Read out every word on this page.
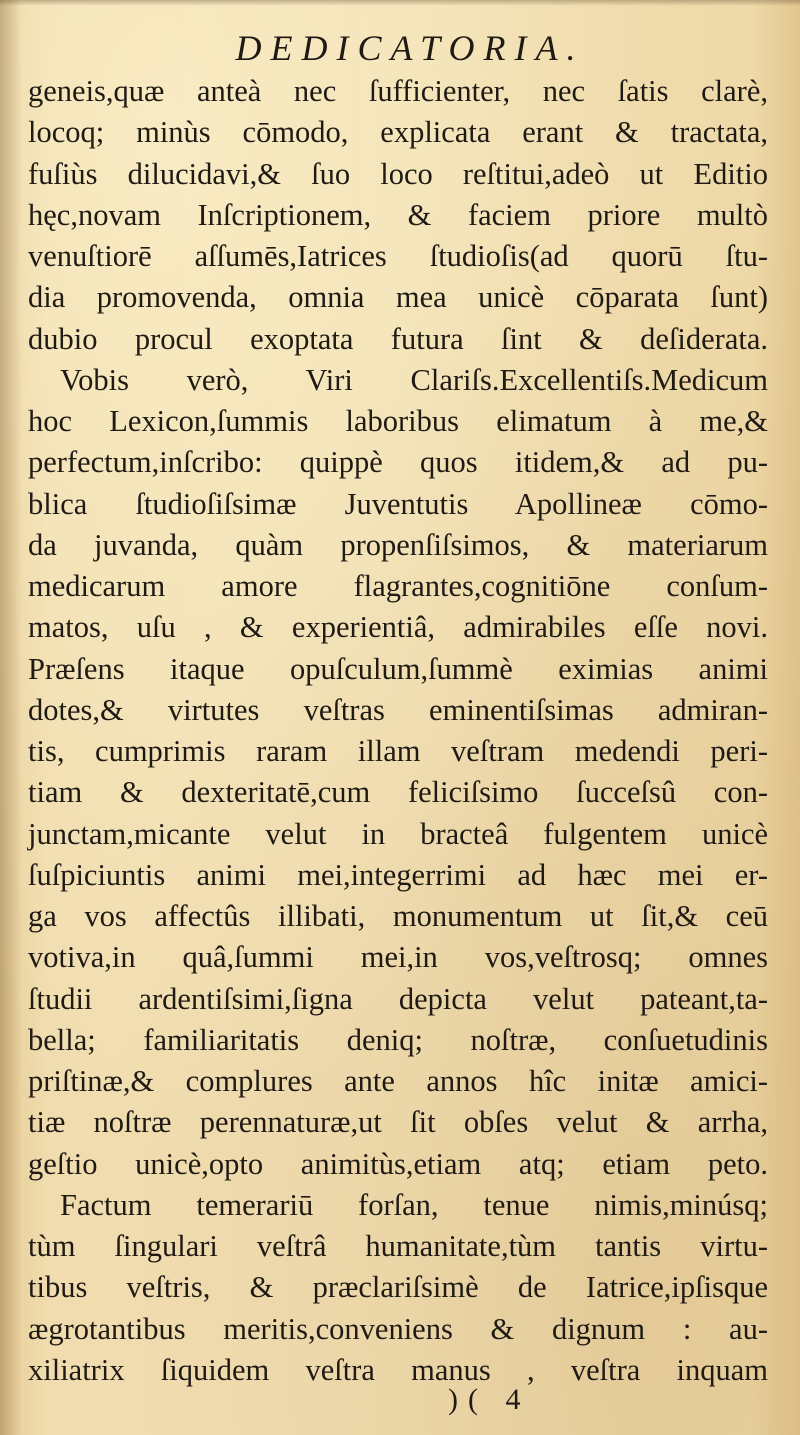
DEDICATORIA.
geneis,quæ anteà nec ſufficienter, nec ſatis clarè,
locoq; minùs cōmodo, explicata erant & tractata,
fuſiùs dilucidavi,& ſuo loco reſtitui,adeò ut Editio
hęc,novam Inſcriptionem, & faciem priore multò
venuſtiorē aſſumēs,Iatrices ſtudioſis(ad quorū ſtu-
dia promovenda, omnia mea unicè cōparata ſunt)
dubio procul exoptata futura ſint & deſiderata.
Vobis verò, Viri Clariſs.Excellentiſs.Medicum
hoc Lexicon,ſummis laboribus elimatum à me,&
perfectum,inſcribo: quippè quos itidem,& ad pu-
blica ſtudioſiſsimæ Juventutis Apollineæ cōmo-
da juvanda, quàm propenſiſsimos, & materiarum
medicarum amore flagrantes,cognitiōne conſum-
matos, uſu , & experientiâ, admirabiles eſſe novi.
Præſens itaque opuſculum,ſummè eximias animi
dotes,& virtutes veſtras eminentiſsimas admiran-
tis, cumprimis raram illam veſtram medendi peri-
tiam & dexteritatē,cum feliciſsimo ſucceſsû con-
junctam,micante velut in bracteâ fulgentem unicè
ſuſpiciuntis animi mei,integerrimi ad hæc mei er-
ga vos affectûs illibati, monumentum ut ſit,& ceū
votiva,in quâ,ſummi mei,in vos,veſtrosq; omnes
ſtudii ardentiſsimi,ſigna depicta velut pateant,ta-
bella; familiaritatis deniq; noſtræ, conſuetudinis
priſtinæ,& complures ante annos hîc initæ amici-
tiæ noſtræ perennaturæ,ut ſit obſes velut & arrha,
geſtio unicè,opto animitùs,etiam atq; etiam peto.
Factum temerariū forſan, tenue nimis,minúsq;
tùm ſingulari veſtrâ humanitate,tùm tantis virtu-
tibus veſtris, & præclariſsimè de Iatrice,ipſisque
ægrotantibus meritis,conveniens & dignum : au-
xiliatrix ſiquidem veſtra manus , veſtra inquam
)( 4
